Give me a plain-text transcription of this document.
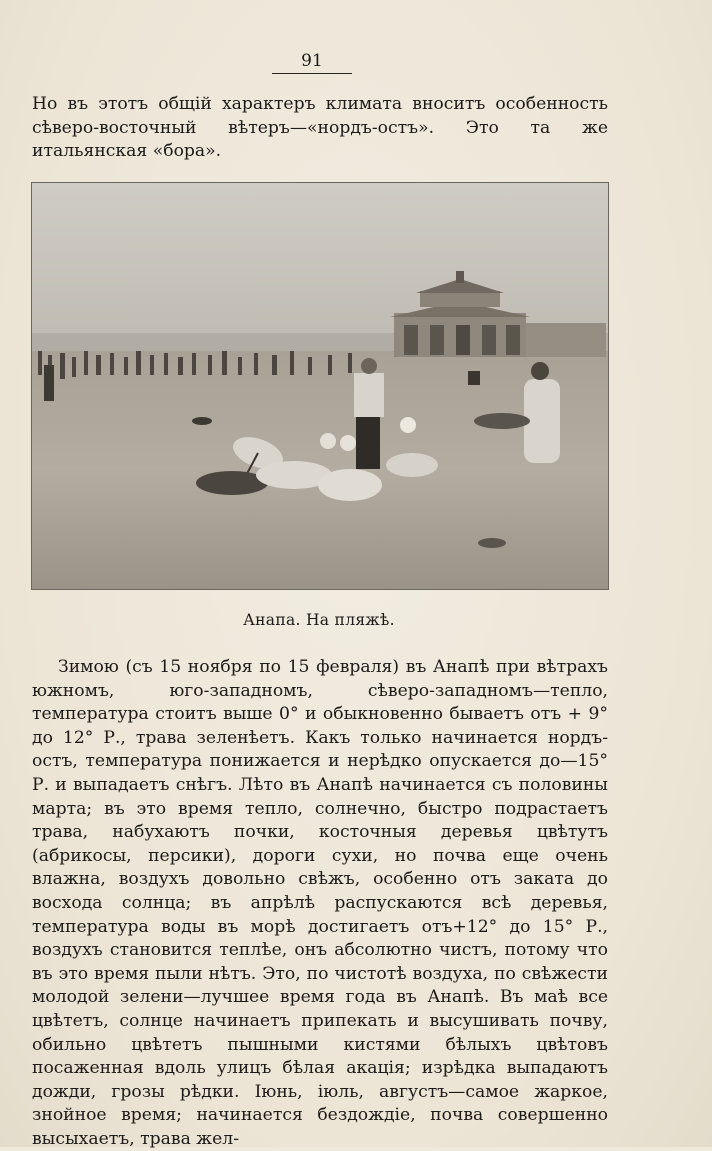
91

Но въ этотъ общій характеръ климата вноситъ особенность сѣверо-восточный вѣтеръ—«нордъ-остъ». Это та же итальянская «бора».

Анапа. На пляжѣ.

Зимою (съ 15 ноября по 15 февраля) въ Анапѣ при вѣтрахъ южномъ, юго-западномъ, сѣверо-западномъ—тепло, температура стоитъ выше 0° и обыкновенно бываетъ отъ + 9° до 12° Р., трава зеленѣетъ. Какъ только начинается нордъ-остъ, температура понижается и нерѣдко опускается до—15° Р. и выпадаетъ снѣгъ. Лѣто въ Анапѣ начинается съ половины марта; въ это время тепло, солнечно, быстро подрастаетъ трава, набухаютъ почки, косточныя деревья цвѣтутъ (абрикосы, персики), дороги сухи, но почва еще очень влажна, воздухъ довольно свѣжъ, особенно отъ заката до восхода солнца; въ апрѣлѣ распускаются всѣ деревья, температура воды въ морѣ достигаетъ отъ+12° до 15° Р., воздухъ становится теплѣе, онъ абсолютно чистъ, потому что въ это время пыли нѣтъ. Это, по чистотѣ воздуха, по свѣжести молодой зелени—лучшее время года въ Анапѣ. Въ маѣ все цвѣтетъ, солнце начинаетъ припекать и высушивать почву, обильно цвѣтетъ пышными кистями бѣлыхъ цвѣтовъ посаженная вдоль улицъ бѣлая акація; изрѣдка выпадаютъ дожди, грозы рѣдки. Іюнь, іюль, августъ—самое жаркое, знойное время; начинается бездождіе, почва совершенно высыхаетъ, трава жел-
